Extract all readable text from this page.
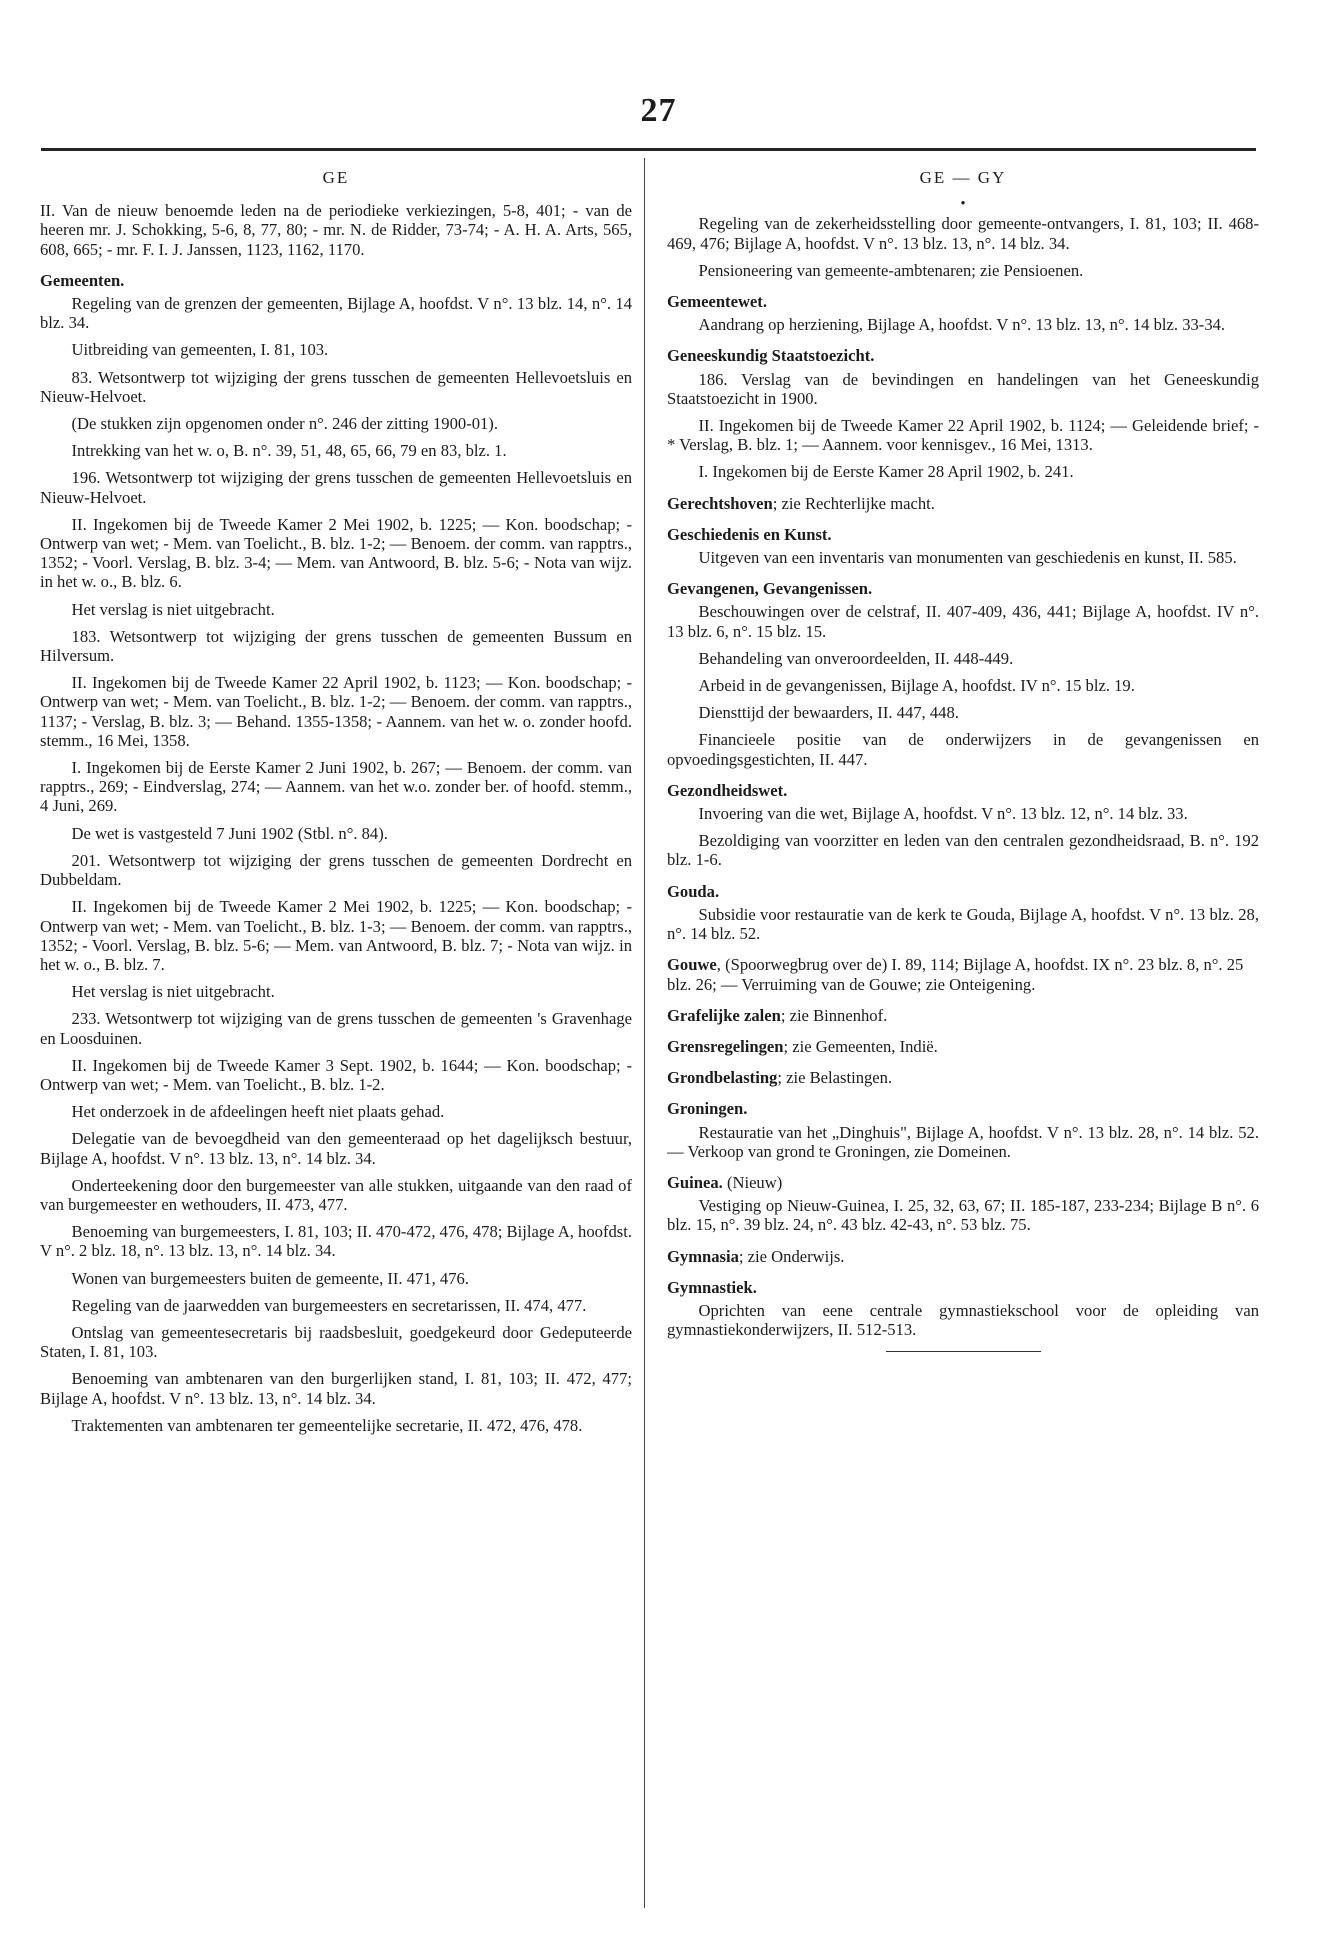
27
GE
II. Van de nieuw benoemde leden na de periodieke verkiezingen, 5-8, 401; - van de heeren mr. J. Schokking, 5-6, 8, 77, 80; - mr. N. de Ridder, 73-74; - A. H. A. Arts, 565, 608, 665; - mr. F. I. J. Janssen, 1123, 1162, 1170.
Gemeenten.
Regeling van de grenzen der gemeenten, Bijlage A, hoofdst. V n°. 13 blz. 14, n°. 14 blz. 34.
Uitbreiding van gemeenten, I. 81, 103.
83. Wetsontwerp tot wijziging der grens tusschen de gemeenten Hellevoetsluis en Nieuw-Helvoet.
(De stukken zijn opgenomen onder n°. 246 der zitting 1900-01).
Intrekking van het w. o, B. n°. 39, 51, 48, 65, 66, 79 en 83, blz. 1.
196. Wetsontwerp tot wijziging der grens tusschen de gemeenten Hellevoetsluis en Nieuw-Helvoet.
II. Ingekomen bij de Tweede Kamer 2 Mei 1902, b. 1225; — Kon. boodschap; - Ontwerp van wet; - Mem. van Toelicht., B. blz. 1-2; — Benoem. der comm. van rapptrs., 1352; - Voorl. Verslag, B. blz. 3-4; — Mem. van Antwoord, B. blz. 5-6; - Nota van wijz. in het w. o., B. blz. 6.
Het verslag is niet uitgebracht.
183. Wetsontwerp tot wijziging der grens tusschen de gemeenten Bussum en Hilversum.
II. Ingekomen bij de Tweede Kamer 22 April 1902, b. 1123; — Kon. boodschap; - Ontwerp van wet; - Mem. van Toelicht., B. blz. 1-2; — Benoem. der comm. van rapptrs., 1137; - Verslag, B. blz. 3; — Behand. 1355-1358; - Aannem. van het w. o. zonder hoofd. stemm., 16 Mei, 1358.
I. Ingekomen bij de Eerste Kamer 2 Juni 1902, b. 267; — Benoem. der comm. van rapptrs., 269; - Eindverslag, 274; — Aannem. van het w.o. zonder ber. of hoofd. stemm., 4 Juni, 269.
De wet is vastgesteld 7 Juni 1902 (Stbl. n°. 84).
201. Wetsontwerp tot wijziging der grens tusschen de gemeenten Dordrecht en Dubbeldam.
II. Ingekomen bij de Tweede Kamer 2 Mei 1902, b. 1225; — Kon. boodschap; - Ontwerp van wet; - Mem. van Toelicht., B. blz. 1-3; — Benoem. der comm. van rapptrs., 1352; - Voorl. Verslag, B. blz. 5-6; — Mem. van Antwoord, B. blz. 7; - Nota van wijz. in het w. o., B. blz. 7.
Het verslag is niet uitgebracht.
233. Wetsontwerp tot wijziging van de grens tusschen de gemeenten 's Gravenhage en Loosduinen.
II. Ingekomen bij de Tweede Kamer 3 Sept. 1902, b. 1644; — Kon. boodschap; - Ontwerp van wet; - Mem. van Toelicht., B. blz. 1-2.
Het onderzoek in de afdeelingen heeft niet plaats gehad.
Delegatie van de bevoegdheid van den gemeenteraad op het dagelijksch bestuur, Bijlage A, hoofdst. V n°. 13 blz. 13, n°. 14 blz. 34.
Onderteekening door den burgemeester van alle stukken, uitgaande van den raad of van burgemeester en wethouders, II. 473, 477.
Benoeming van burgemeesters, I. 81, 103; II. 470-472, 476, 478; Bijlage A, hoofdst. V n°. 2 blz. 18, n°. 13 blz. 13, n°. 14 blz. 34.
Wonen van burgemeesters buiten de gemeente, II. 471, 476.
Regeling van de jaarwedden van burgemeesters en secretarissen, II. 474, 477.
Ontslag van gemeentesecretaris bij raadsbesluit, goedgekeurd door Gedeputeerde Staten, I. 81, 103.
Benoeming van ambtenaren van den burgerlijken stand, I. 81, 103; II. 472, 477; Bijlage A, hoofdst. V n°. 13 blz. 13, n°. 14 blz. 34.
Traktementen van ambtenaren ter gemeentelijke secretarie, II. 472, 476, 478.
GE — GY
●
Regeling van de zekerheidsstelling door gemeente-ontvangers, I. 81, 103; II. 468-469, 476; Bijlage A, hoofdst. V n°. 13 blz. 13, n°. 14 blz. 34.
Pensioneering van gemeente-ambtenaren; zie Pensioenen.
Gemeentewet.
Aandrang op herziening, Bijlage A, hoofdst. V n°. 13 blz. 13, n°. 14 blz. 33-34.
Geneeskundig Staatstoezicht.
186. Verslag van de bevindingen en handelingen van het Geneeskundig Staatstoezicht in 1900.
II. Ingekomen bij de Tweede Kamer 22 April 1902, b. 1124; — Geleidende brief; - * Verslag, B. blz. 1; — Aannem. voor kennisgev., 16 Mei, 1313.
I. Ingekomen bij de Eerste Kamer 28 April 1902, b. 241.
Gerechtshoven; zie Rechterlijke macht.
Geschiedenis en Kunst.
Uitgeven van een inventaris van monumenten van geschiedenis en kunst, II. 585.
Gevangenen, Gevangenissen.
Beschouwingen over de celstraf, II. 407-409, 436, 441; Bijlage A, hoofdst. IV n°. 13 blz. 6, n°. 15 blz. 15.
Behandeling van onveroordeelden, II. 448-449.
Arbeid in de gevangenissen, Bijlage A, hoofdst. IV n°. 15 blz. 19.
Diensttijd der bewaarders, II. 447, 448.
Financieele positie van de onderwijzers in de gevangenissen en opvoedingsgestichten, II. 447.
Gezondheidswet.
Invoering van die wet, Bijlage A, hoofdst. V n°. 13 blz. 12, n°. 14 blz. 33.
Bezoldiging van voorzitter en leden van den centralen gezondheidsraad, B. n°. 192 blz. 1-6.
Gouda.
Subsidie voor restauratie van de kerk te Gouda, Bijlage A, hoofdst. V n°. 13 blz. 28, n°. 14 blz. 52.
Gouwe, (Spoorwegbrug over de) I. 89, 114; Bijlage A, hoofdst. IX n°. 23 blz. 8, n°. 25 blz. 26; — Verruiming van de Gouwe; zie Onteigening.
Grafelijke zalen; zie Binnenhof.
Grensregelingen; zie Gemeenten, Indië.
Grondbelasting; zie Belastingen.
Groningen.
Restauratie van het „Dinghuis", Bijlage A, hoofdst. V n°. 13 blz. 28, n°. 14 blz. 52. — Verkoop van grond te Groningen, zie Domeinen.
Guinea. (Nieuw)
Vestiging op Nieuw-Guinea, I. 25, 32, 63, 67; II. 185-187, 233-234; Bijlage B n°. 6 blz. 15, n°. 39 blz. 24, n°. 43 blz. 42-43, n°. 53 blz. 75.
Gymnasia; zie Onderwijs.
Gymnastiek.
Oprichten van eene centrale gymnastiekschool voor de opleiding van gymnastiekonderwijzers, II. 512-513.
